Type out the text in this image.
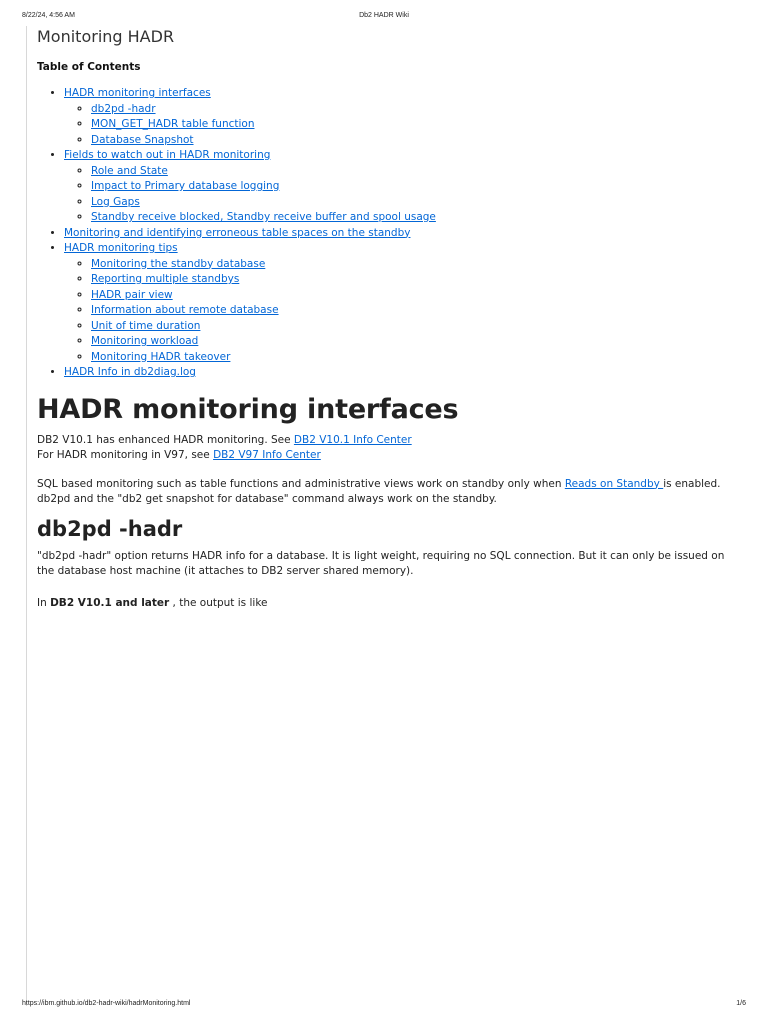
8/22/24, 4:56 AM	Db2 HADR Wiki
Monitoring HADR
Table of Contents
• HADR monitoring interfaces
◦ db2pd -hadr
◦ MON_GET_HADR table function
◦ Database Snapshot
• Fields to watch out in HADR monitoring
◦ Role and State
◦ Impact to Primary database logging
◦ Log Gaps
◦ Standby receive blocked, Standby receive buffer and spool usage
• Monitoring and identifying erroneous table spaces on the standby
• HADR monitoring tips
◦ Monitoring the standby database
◦ Reporting multiple standbys
◦ HADR pair view
◦ Information about remote database
◦ Unit of time duration
◦ Monitoring workload
◦ Monitoring HADR takeover
• HADR Info in db2diag.log
HADR monitoring interfaces

DB2 V10.1 has enhanced HADR monitoring. See DB2 V10.1 Info Center
For HADR monitoring in V97, see DB2 V97 Info Center

SQL based monitoring such as table functions and administrative views work on standby only when Reads on Standby is enabled. db2pd and the "db2 get snapshot for database" command always work on the standby.

db2pd -hadr

"db2pd -hadr" option returns HADR info for a database. It is light weight, requiring no SQL connection. But it can only be issued on the database host machine (it attaches to DB2 server shared memory).

In DB2 V10.1 and later , the output is like

https://ibm.github.io/db2-hadr-wiki/hadrMonitoring.html	1/6
